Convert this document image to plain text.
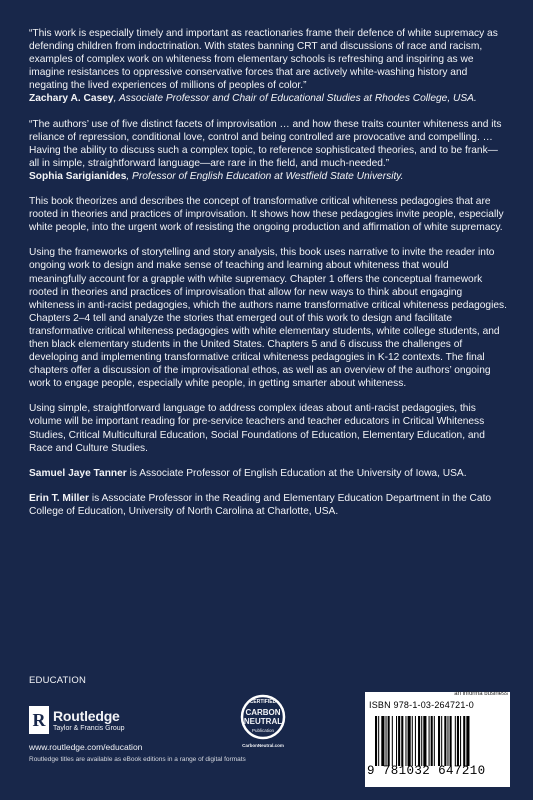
“This work is especially timely and important as reactionaries frame their defence of white supremacy as defending children from indoctrination. With states banning CRT and discussions of race and racism, examples of complex work on whiteness from elementary schools is refreshing and inspiring as we imagine resistances to oppressive conservative forces that are actively white-washing history and negating the lived experiences of millions of peoples of color.”

Zachary A. Casey, Associate Professor and Chair of Educational Studies at Rhodes College, USA.

“The authors’ use of five distinct facets of improvisation … and how these traits counter whiteness and its reliance of repression, conditional love, control and being controlled are provocative and compelling. … Having the ability to discuss such a complex topic, to reference sophisticated theories, and to be frank—all in simple, straightforward language—are rare in the field, and much-needed.”

Sophia Sarigianides, Professor of English Education at Westfield State University.

This book theorizes and describes the concept of transformative critical whiteness pedagogies that are rooted in theories and practices of improvisation. It shows how these pedagogies invite people, especially white people, into the urgent work of resisting the ongoing production and affirmation of white supremacy.

Using the frameworks of storytelling and story analysis, this book uses narrative to invite the reader into ongoing work to design and make sense of teaching and learning about whiteness that would meaningfully account for a grapple with white supremacy. Chapter 1 offers the conceptual framework rooted in theories and practices of improvisation that allow for new ways to think about engaging whiteness in anti-racist pedagogies, which the authors name transformative critical whiteness pedagogies. Chapters 2–4 tell and analyze the stories that emerged out of this work to design and facilitate transformative critical whiteness pedagogies with white elementary students, white college students, and then black elementary students in the United States. Chapters 5 and 6 discuss the challenges of developing and implementing transformative critical whiteness pedagogies in K-12 contexts. The final chapters offer a discussion of the improvisational ethos, as well as an overview of the authors’ ongoing work to engage people, especially white people, in getting smarter about whiteness.

Using simple, straightforward language to address complex ideas about anti-racist pedagogies, this volume will be important reading for pre-service teachers and teacher educators in Critical Whiteness Studies, Critical Multicultural Education, Social Foundations of Education, Elementary Education, and Race and Culture Studies.

Samuel Jaye Tanner is Associate Professor of English Education at the University of Iowa, USA.

Erin T. Miller is Associate Professor in the Reading and Elementary Education Department in the Cato College of Education, University of North Carolina at Charlotte, USA.

EDUCATION
R Routledge
Taylor & Francis Group
www.routledge.com/education
CERTIFIED
CARBON
NEUTRAL
Publication
CarbonNeutral.com
an informa business
ISBN 978-1-03-264721-0
9 781032 647210
Routledge titles are available as eBook editions in a range of digital formats
